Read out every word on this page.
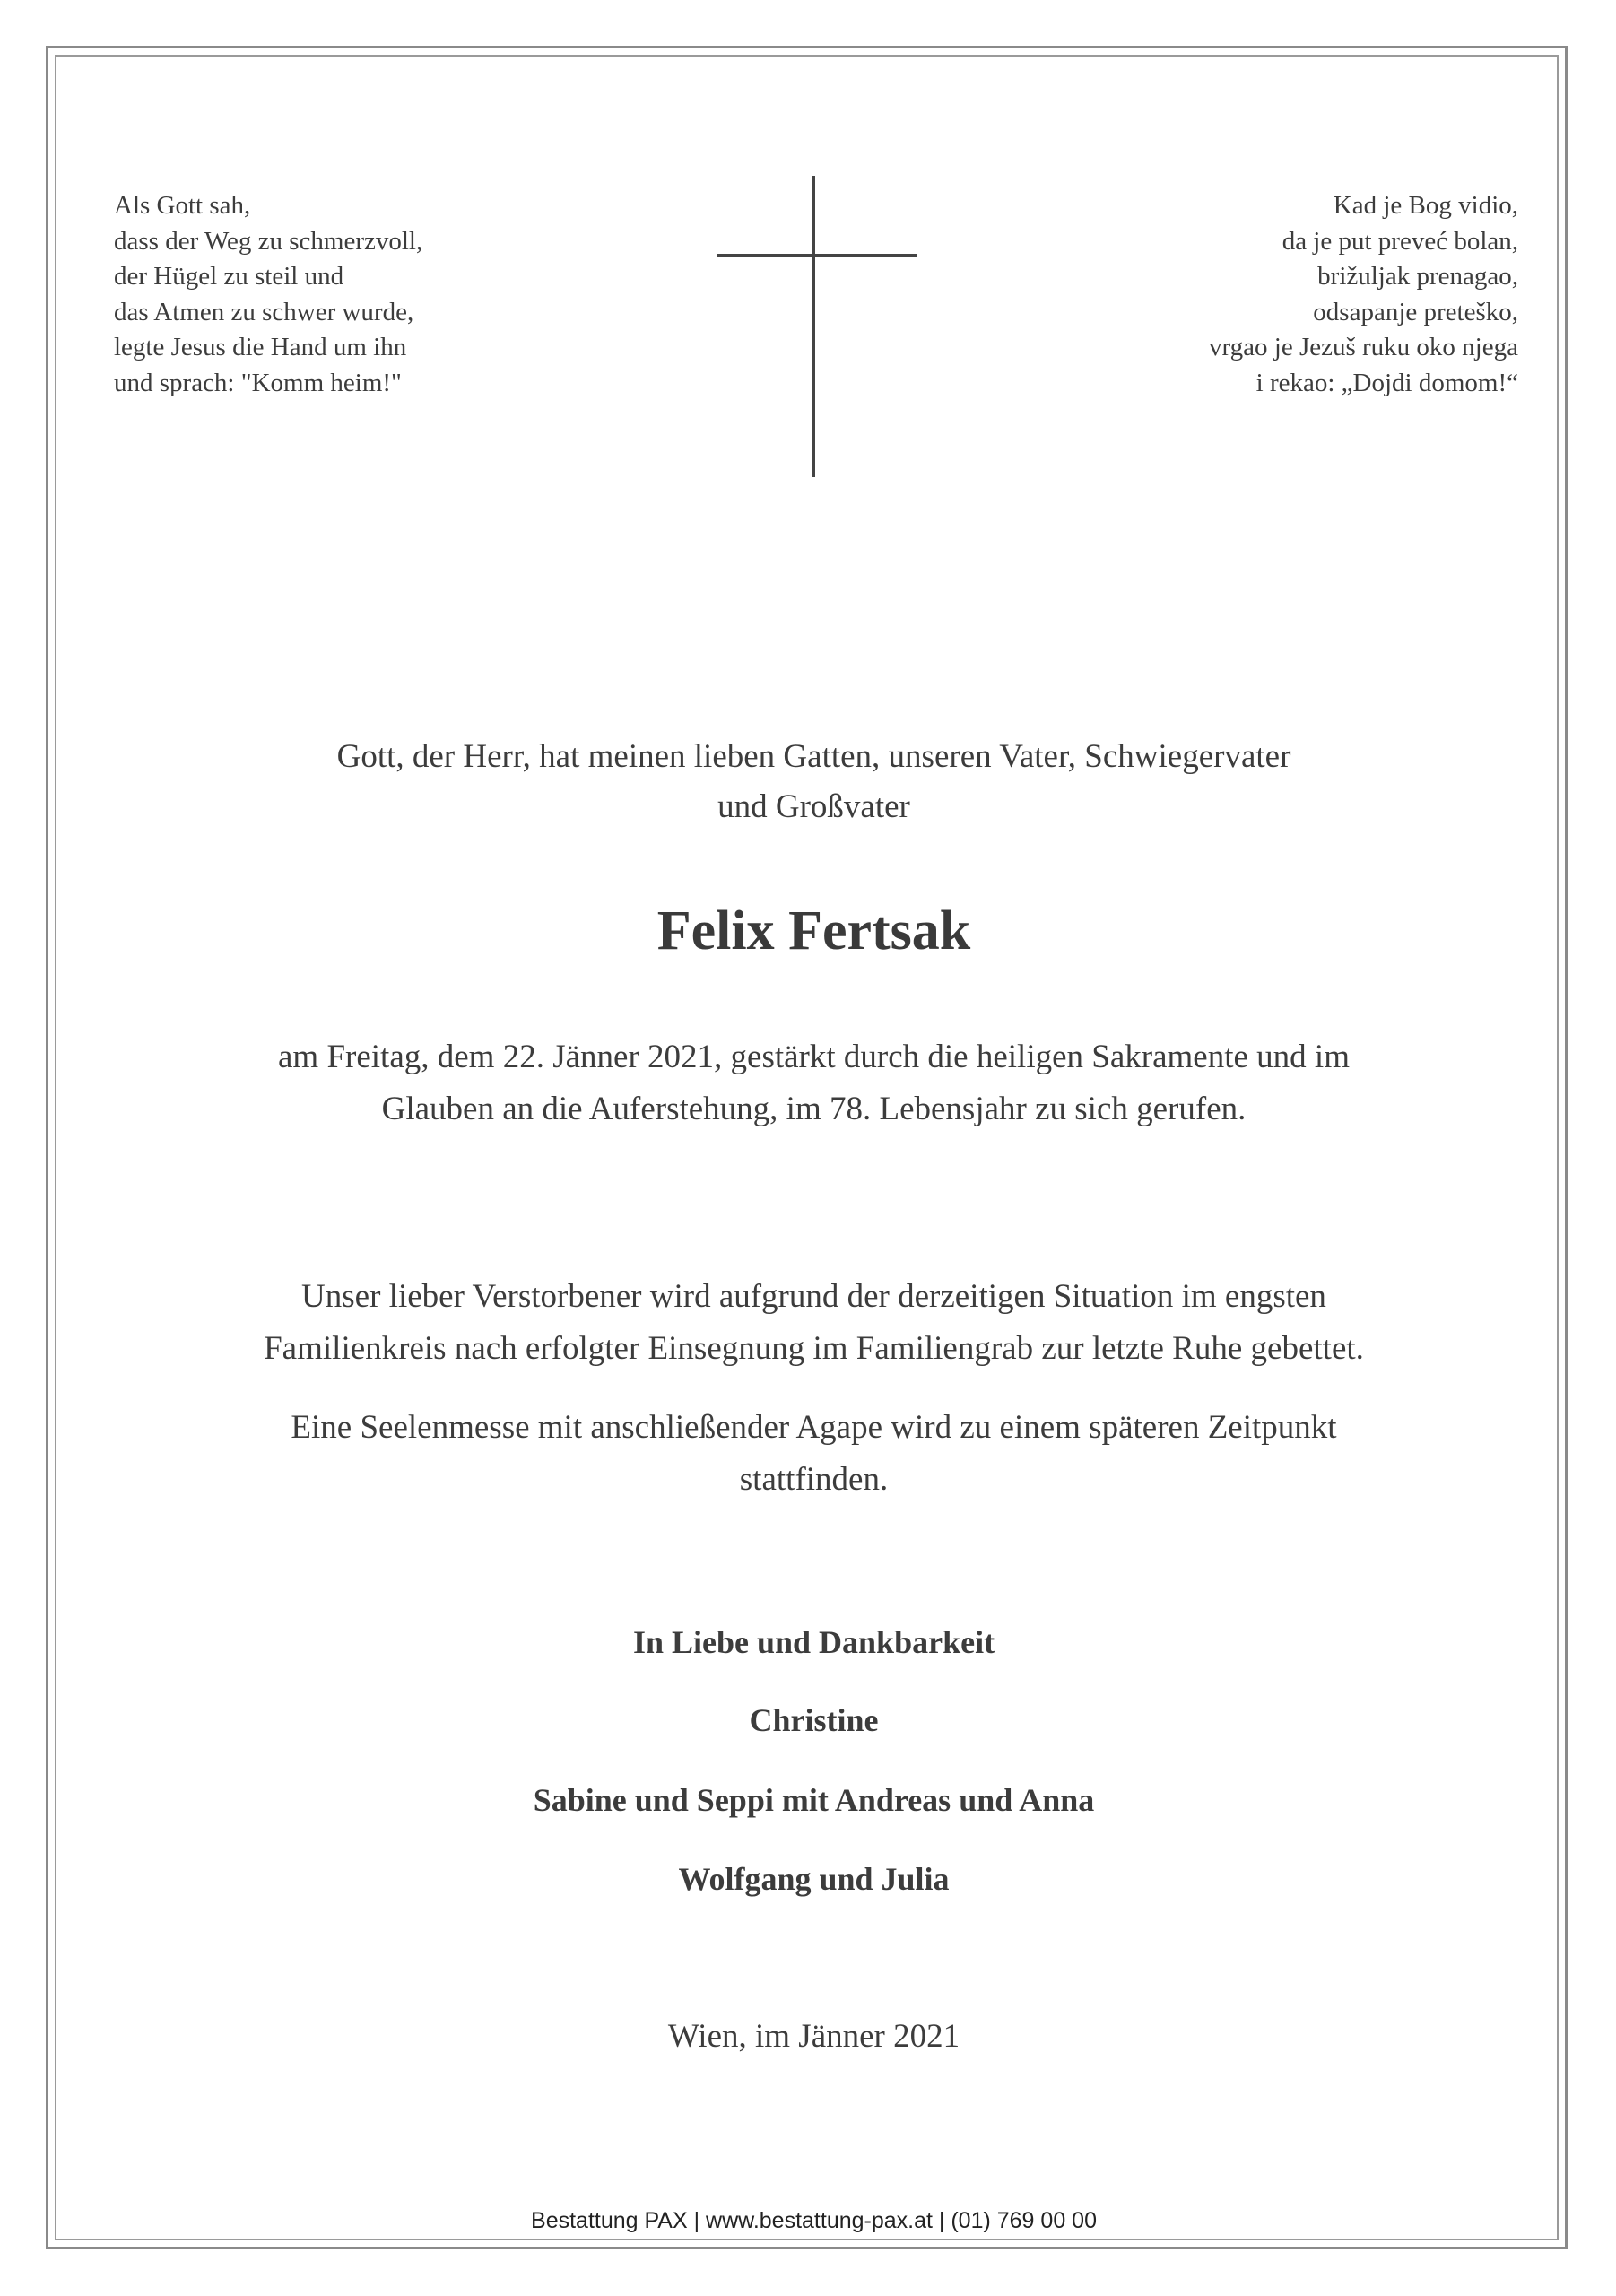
Als Gott sah,
dass der Weg zu schmerzvoll,
der Hügel zu steil und
das Atmen zu schwer wurde,
legte Jesus die Hand um ihn
und sprach: "Komm heim!"
Kad je Bog vidio,
da je put preveć bolan,
brižuljak prenagao,
odsapanje preteško,
vrgao je Jezuš ruku oko njega
i rekao: „Dojdi domom!“
Gott, der Herr, hat meinen lieben Gatten, unseren Vater, Schwiegervater
und Großvater
Felix Fertsak
am Freitag, dem 22. Jänner 2021, gestärkt durch die heiligen Sakramente und im
Glauben an die Auferstehung, im 78. Lebensjahr zu sich gerufen.
Unser lieber Verstorbener wird aufgrund der derzeitigen Situation im engsten
Familienkreis nach erfolgter Einsegnung im Familiengrab zur letzte Ruhe gebettet.
Eine Seelenmesse mit anschließender Agape wird zu einem späteren Zeitpunkt
stattfinden.
In Liebe und Dankbarkeit
Christine
Sabine und Seppi mit Andreas und Anna
Wolfgang und Julia
Wien, im Jänner 2021
Bestattung PAX | www.bestattung-pax.at | (01) 769 00 00
